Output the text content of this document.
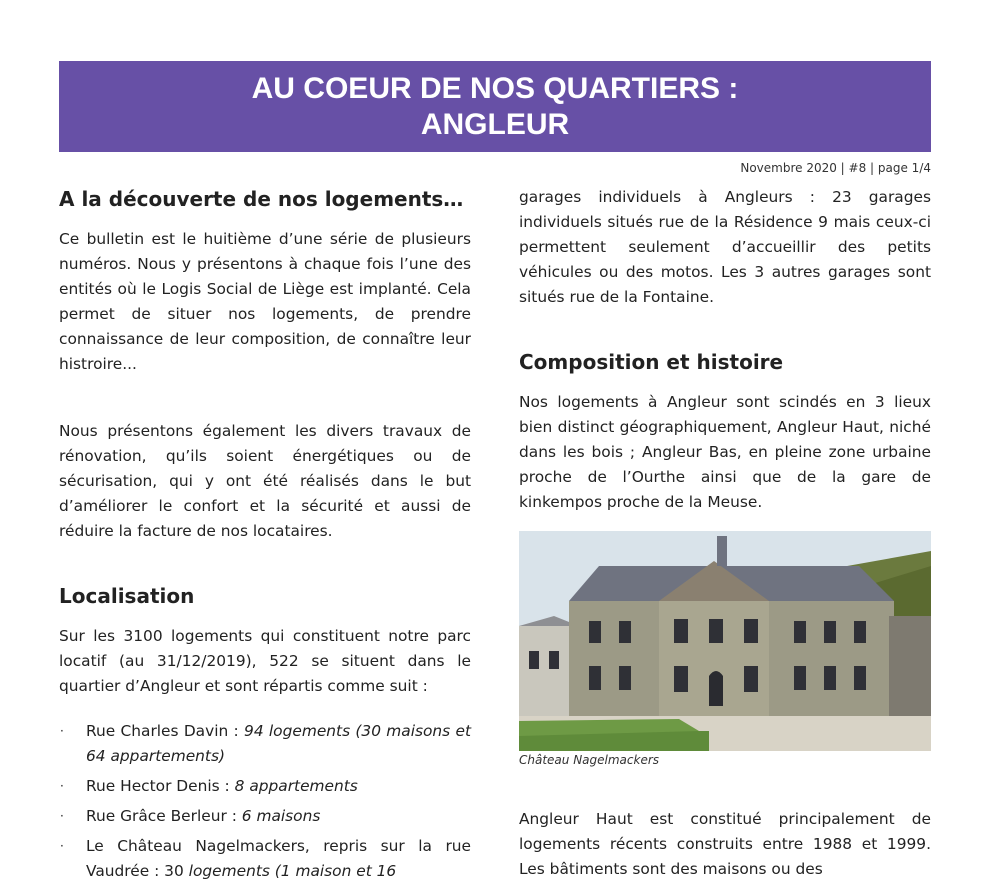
AU COEUR DE NOS QUARTIERS :
ANGLEUR
Novembre 2020 | #8 | page 1/4
A la découverte de nos logements…

Ce bulletin est le huitième d’une série de plusieurs numéros. Nous y présentons à chaque fois l’une des entités où le Logis Social de Liège est implanté. Cela permet de situer nos logements, de prendre connaissance de leur composition, de connaître leur histroire...

Nous présentons également les divers travaux de rénovation, qu’ils soient énergétiques ou de sécurisation, qui y ont été réalisés dans le but d’améliorer le confort et la sécurité et aussi de réduire la facture de nos locataires.

Localisation

Sur les 3100 logements qui constituent notre parc locatif (au 31/12/2019), 522 se situent dans le quartier d’Angleur et sont répartis comme suit :

· Rue Charles Davin : 94 logements (30 maisons et 64 appartements)
· Rue Hector Denis : 8 appartements
· Rue Grâce Berleur : 6 maisons
· Le Château Nagelmackers, repris sur la rue Vaudrée : 30 logements (1 maison et 16

garages individuels à Angleurs : 23 garages individuels situés rue de la Résidence 9 mais ceux-ci permettent seulement d’accueillir des petits véhicules ou des motos. Les 3 autres garages sont situés rue de la Fontaine.

Composition et histoire

Nos logements à Angleur sont scindés en 3 lieux bien distinct géographiquement, Angleur Haut, niché dans les bois ; Angleur Bas, en pleine zone urbaine proche de l’Ourthe ainsi que de la gare de kinkempos proche de la Meuse.

Château Nagelmackers

Angleur Haut est constitué principalement de logements récents construits entre 1988 et 1999. Les bâtiments sont des maisons ou des
